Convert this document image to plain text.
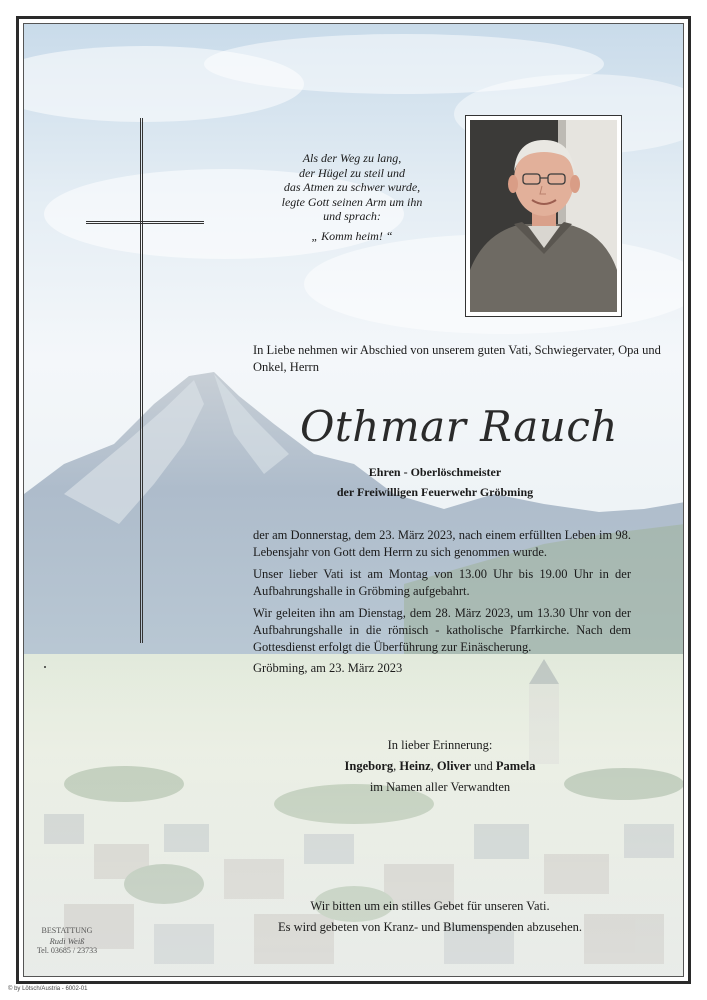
Als der Weg zu lang,
der Hügel zu steil und
das Atmen zu schwer wurde,
legte Gott seinen Arm um ihn
und sprach:
„ Komm heim! “
In Liebe nehmen wir Abschied von unserem guten Vati, Schwiegervater, Opa und Onkel, Herrn
Othmar Rauch
Ehren - Oberlöschmeister
der Freiwilligen Feuerwehr Gröbming

der am Donnerstag, dem 23. März 2023, nach einem erfüllten Leben im 98. Lebensjahr von Gott dem Herrn zu sich genommen wurde.

Unser lieber Vati ist am Montag von 13.00 Uhr bis 19.00 Uhr in der Aufbahrungshalle in Gröbming aufgebahrt.

Wir geleiten ihn am Dienstag, dem 28. März 2023, um 13.30 Uhr von der Aufbahrungshalle in die römisch - katholische Pfarrkirche. Nach dem Gottesdienst erfolgt die Überführung zur Einäscherung.

Gröbming, am 23. März 2023
In lieber Erinnerung:
Ingeborg, Heinz, Oliver und Pamela
im Namen aller Verwandten
Wir bitten um ein stilles Gebet für unseren Vati.
Es wird gebeten von Kranz- und Blumenspenden abzusehen.
BESTATTUNG
Rudi Weiß
Tel. 03685 / 23733
© by Lötsch/Austria - 6002-01
